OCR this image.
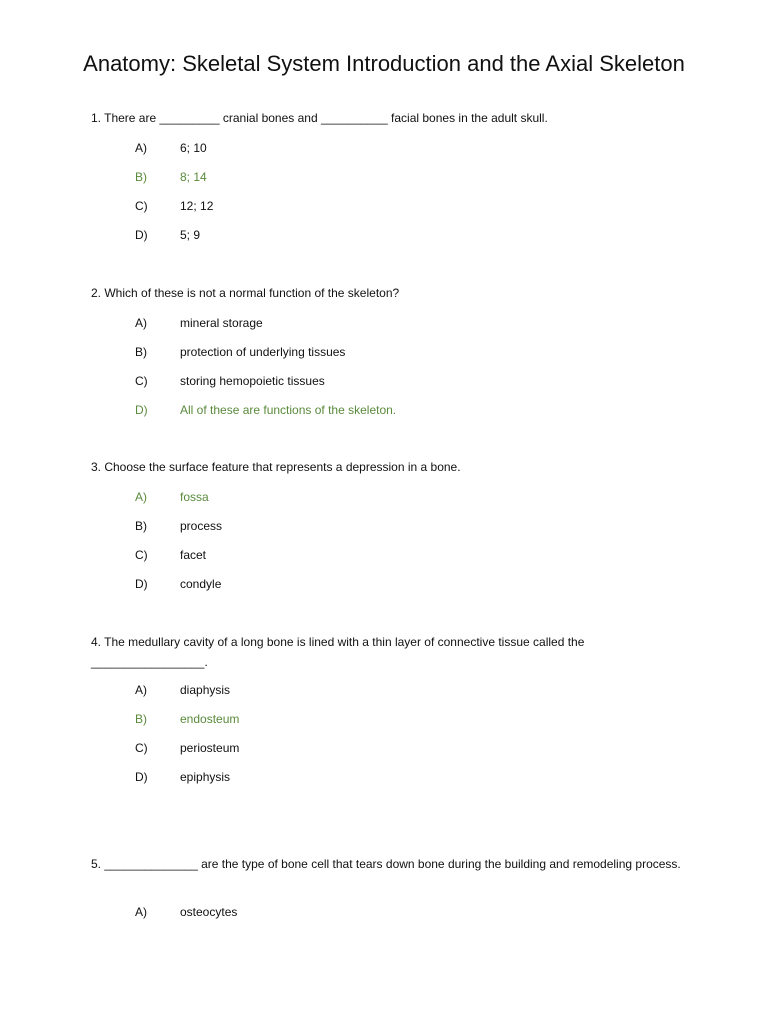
Anatomy: Skeletal System Introduction and the Axial Skeleton

1. There are _________ cranial bones and __________ facial bones in the adult skull.

A)	6; 10
B)	8; 14
C)	12; 12
D)	5; 9

2. Which of these is not a normal function of the skeleton?

A)	mineral storage
B)	protection of underlying tissues
C)	storing hemopoietic tissues
D)	All of these are functions of the skeleton.

3. Choose the surface feature that represents a depression in a bone.

A)	fossa
B)	process
C)	facet
D)	condyle

4. The medullary cavity of a long bone is lined with a thin layer of connective tissue called the _________________.

A)	diaphysis
B)	endosteum
C)	periosteum
D)	epiphysis

5. ______________ are the type of bone cell that tears down bone during the building and remodeling process.

A)	osteocytes
